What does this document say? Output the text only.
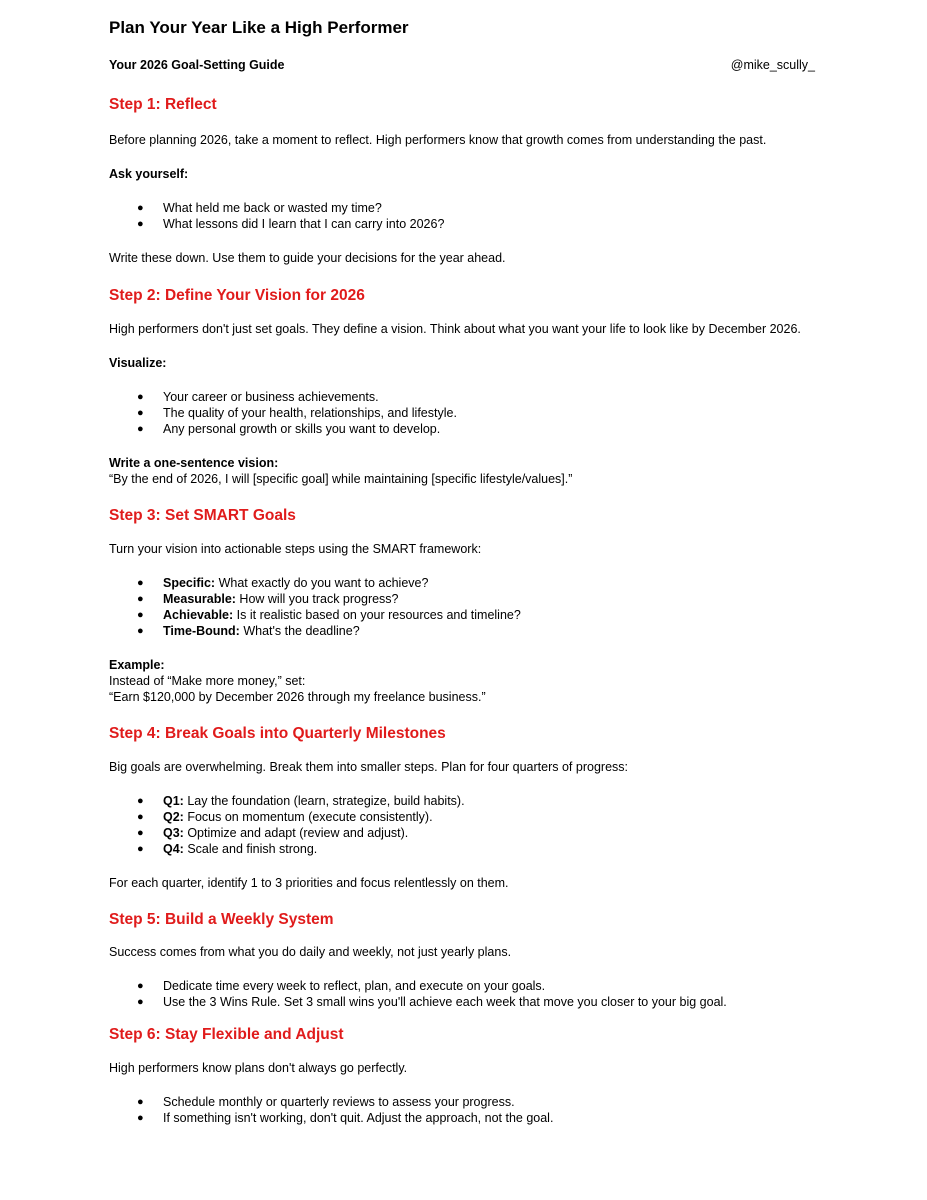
Plan Your Year Like a High Performer
Your 2026 Goal-Setting Guide	@mike_scully_
Step 1: Reflect

Before planning 2026, take a moment to reflect. High performers know that growth comes from understanding the past.

Ask yourself:

● What held me back or wasted my time?
● What lessons did I learn that I can carry into 2026?

Write these down. Use them to guide your decisions for the year ahead.

Step 2: Define Your Vision for 2026

High performers don't just set goals. They define a vision. Think about what you want your life to look like by December 2026.

Visualize:

● Your career or business achievements.
● The quality of your health, relationships, and lifestyle.
● Any personal growth or skills you want to develop.

Write a one-sentence vision:

“By the end of 2026, I will [specific goal] while maintaining [specific lifestyle/values].”

Step 3: Set SMART Goals

Turn your vision into actionable steps using the SMART framework:

● Specific: What exactly do you want to achieve?
● Measurable: How will you track progress?
● Achievable: Is it realistic based on your resources and timeline?
● Time-Bound: What's the deadline?

Example:

Instead of “Make more money,” set:

“Earn $120,000 by December 2026 through my freelance business.”

Step 4: Break Goals into Quarterly Milestones

Big goals are overwhelming. Break them into smaller steps. Plan for four quarters of progress:

● Q1: Lay the foundation (learn, strategize, build habits).
● Q2: Focus on momentum (execute consistently).
● Q3: Optimize and adapt (review and adjust).
● Q4: Scale and finish strong.

For each quarter, identify 1 to 3 priorities and focus relentlessly on them.

Step 5: Build a Weekly System

Success comes from what you do daily and weekly, not just yearly plans.

● Dedicate time every week to reflect, plan, and execute on your goals.
● Use the 3 Wins Rule. Set 3 small wins you'll achieve each week that move you closer to your big goal.
Step 6: Stay Flexible and Adjust

High performers know plans don't always go perfectly.

● Schedule monthly or quarterly reviews to assess your progress.
● If something isn't working, don't quit. Adjust the approach, not the goal.
